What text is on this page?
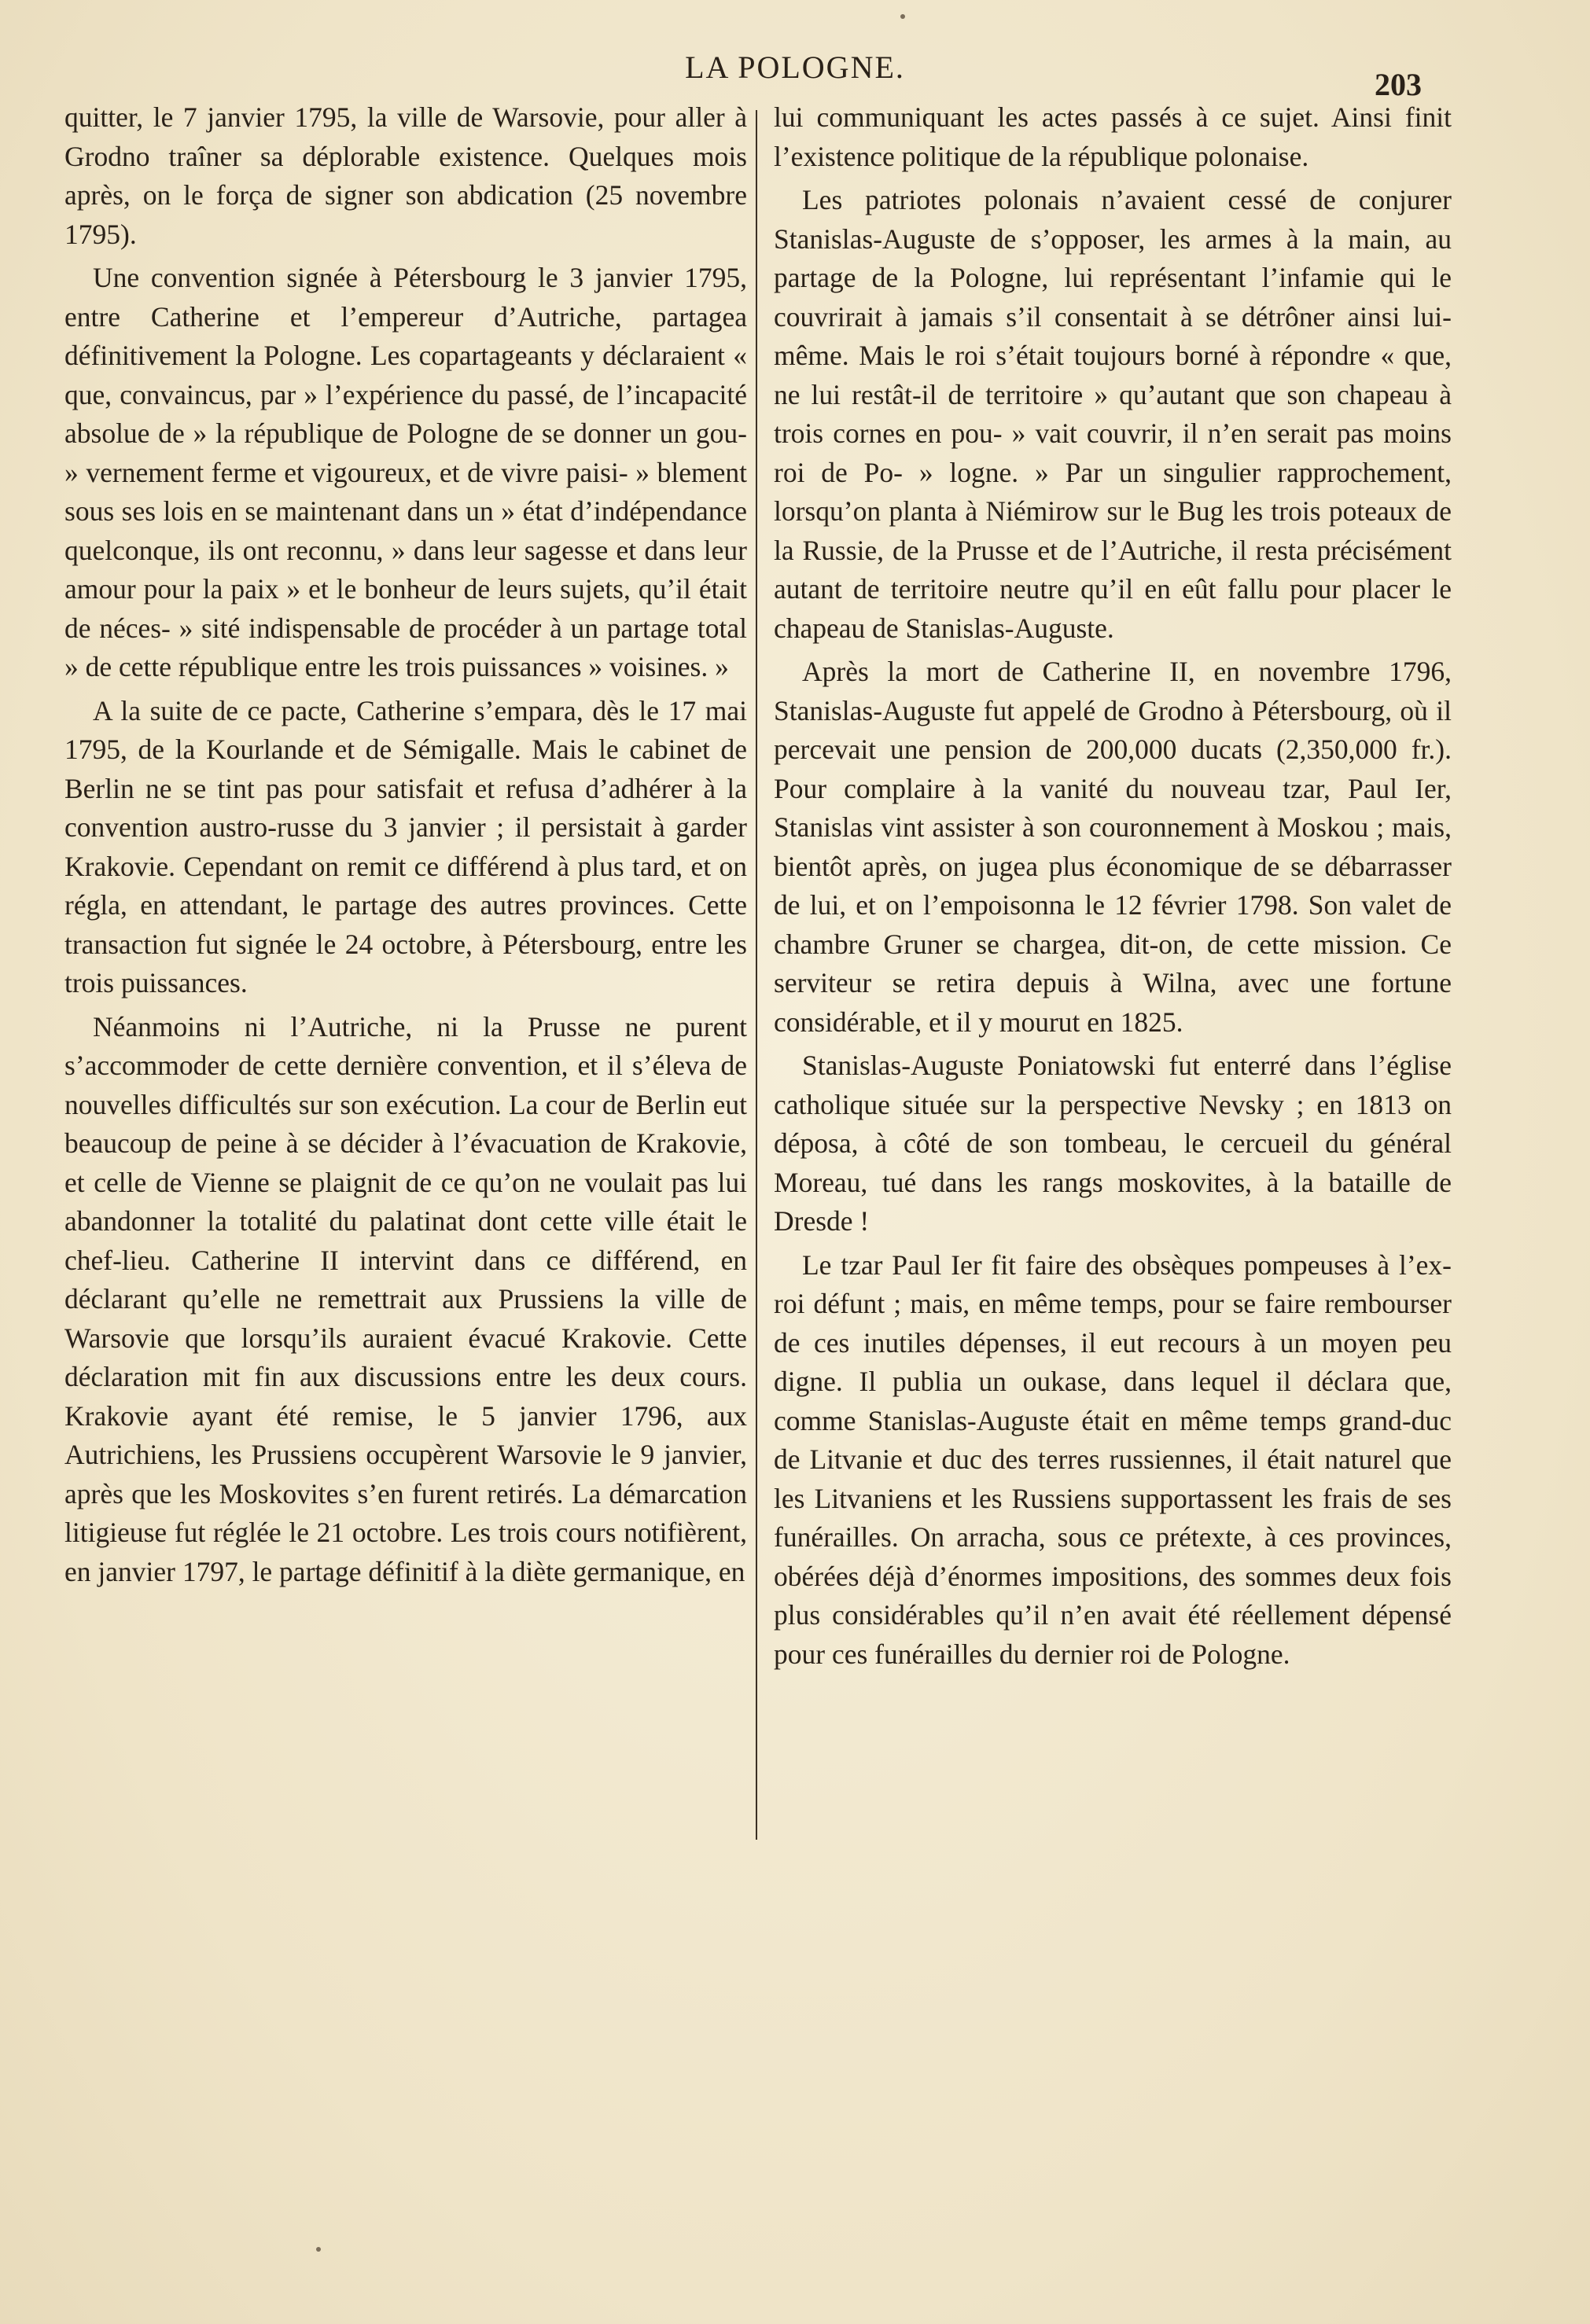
LA POLOGNE.	203

quitter, le 7 janvier 1795, la ville de Warsovie, pour aller à Grodno traîner sa déplorable existence. Quelques mois après, on le força de signer son abdication (25 novembre 1795).

Une convention signée à Pétersbourg le 3 janvier 1795, entre Catherine et l’empereur d’Autriche, partagea définitivement la Pologne. Les copartageants y déclaraient « que, convaincus, par » l’expérience du passé, de l’incapacité absolue de » la république de Pologne de se donner un gou- » vernement ferme et vigoureux, et de vivre paisi- » blement sous ses lois en se maintenant dans un » état d’indépendance quelconque, ils ont reconnu, » dans leur sagesse et dans leur amour pour la paix » et le bonheur de leurs sujets, qu’il était de néces- » sité indispensable de procéder à un partage total » de cette république entre les trois puissances » voisines. »

A la suite de ce pacte, Catherine s’empara, dès le 17 mai 1795, de la Kourlande et de Sémigalle. Mais le cabinet de Berlin ne se tint pas pour satisfait et refusa d’adhérer à la convention austro-russe du 3 janvier ; il persistait à garder Krakovie. Cependant on remit ce différend à plus tard, et on régla, en attendant, le partage des autres provinces. Cette transaction fut signée le 24 octobre, à Pétersbourg, entre les trois puissances.

Néanmoins ni l’Autriche, ni la Prusse ne purent s’accommoder de cette dernière convention, et il s’éleva de nouvelles difficultés sur son exécution. La cour de Berlin eut beaucoup de peine à se décider à l’évacuation de Krakovie, et celle de Vienne se plaignit de ce qu’on ne voulait pas lui abandonner la totalité du palatinat dont cette ville était le chef-lieu. Catherine II intervint dans ce différend, en déclarant qu’elle ne remettrait aux Prussiens la ville de Warsovie que lorsqu’ils auraient évacué Krakovie. Cette déclaration mit fin aux discussions entre les deux cours. Krakovie ayant été remise, le 5 janvier 1796, aux Autrichiens, les Prussiens occupèrent Warsovie le 9 janvier, après que les Moskovites s’en furent retirés. La démarcation litigieuse fut réglée le 21 octobre. Les trois cours notifièrent, en janvier 1797, le partage définitif à la diète germanique, en

lui communiquant les actes passés à ce sujet. Ainsi finit l’existence politique de la république polonaise.

Les patriotes polonais n’avaient cessé de conjurer Stanislas-Auguste de s’opposer, les armes à la main, au partage de la Pologne, lui représentant l’infamie qui le couvrirait à jamais s’il consentait à se détrôner ainsi lui-même. Mais le roi s’était toujours borné à répondre « que, ne lui restât-il de territoire » qu’autant que son chapeau à trois cornes en pou- » vait couvrir, il n’en serait pas moins roi de Po- » logne. » Par un singulier rapprochement, lorsqu’on planta à Niémirow sur le Bug les trois poteaux de la Russie, de la Prusse et de l’Autriche, il resta précisément autant de territoire neutre qu’il en eût fallu pour placer le chapeau de Stanislas-Auguste.

Après la mort de Catherine II, en novembre 1796, Stanislas-Auguste fut appelé de Grodno à Pétersbourg, où il percevait une pension de 200,000 ducats (2,350,000 fr.). Pour complaire à la vanité du nouveau tzar, Paul Ier, Stanislas vint assister à son couronnement à Moskou ; mais, bientôt après, on jugea plus économique de se débarrasser de lui, et on l’empoisonna le 12 février 1798. Son valet de chambre Gruner se chargea, dit-on, de cette mission. Ce serviteur se retira depuis à Wilna, avec une fortune considérable, et il y mourut en 1825.

Stanislas-Auguste Poniatowski fut enterré dans l’église catholique située sur la perspective Nevsky ; en 1813 on déposa, à côté de son tombeau, le cercueil du général Moreau, tué dans les rangs moskovites, à la bataille de Dresde !

Le tzar Paul Ier fit faire des obsèques pompeuses à l’ex-roi défunt ; mais, en même temps, pour se faire rembourser de ces inutiles dépenses, il eut recours à un moyen peu digne. Il publia un oukase, dans lequel il déclara que, comme Stanislas-Auguste était en même temps grand-duc de Litvanie et duc des terres russiennes, il était naturel que les Litvaniens et les Russiens supportassent les frais de ses funérailles. On arracha, sous ce prétexte, à ces provinces, obérées déjà d’énormes impositions, des sommes deux fois plus considérables qu’il n’en avait été réellement dépensé pour ces funérailles du dernier roi de Pologne.
